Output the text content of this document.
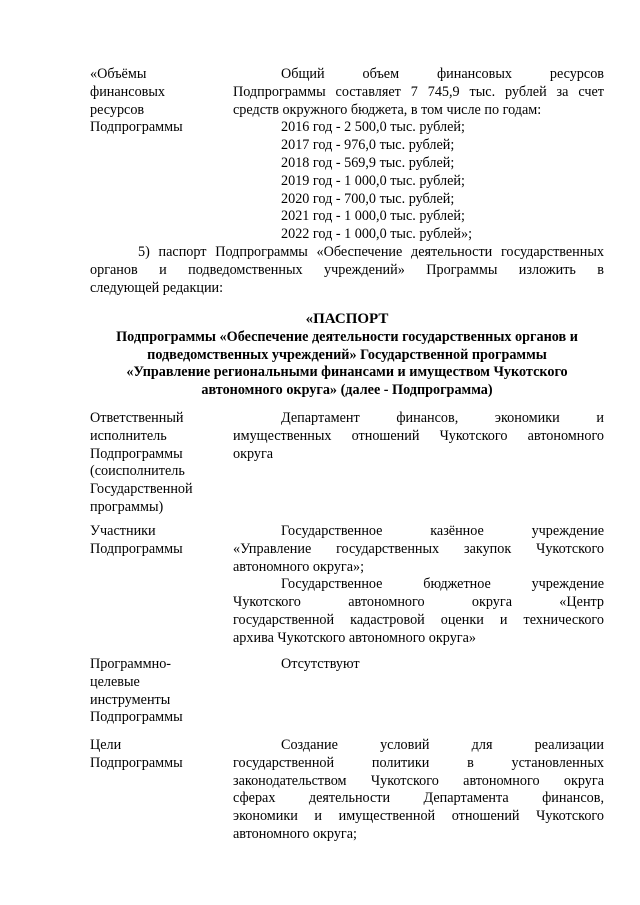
«Объёмы
финансовых
ресурсов
Подпрограммы
Общий объем финансовых ресурсов
Подпрограммы составляет 7 745,9 тыс. рублей за счет
средств окружного бюджета, в том числе по годам:
2016 год - 2 500,0 тыс. рублей;
2017 год - 976,0 тыс. рублей;
2018 год - 569,9 тыс. рублей;
2019 год - 1 000,0 тыс. рублей;
2020 год - 700,0 тыс. рублей;
2021 год - 1 000,0 тыс. рублей;
2022 год - 1 000,0 тыс. рублей»;
5) паспорт Подпрограммы «Обеспечение деятельности государственных
органов и подведомственных учреждений» Программы изложить в
следующей редакции:
«ПАСПОРТ
Подпрограммы «Обеспечение деятельности государственных органов и
подведомственных учреждений» Государственной программы
«Управление региональными финансами и имуществом Чукотского
автономного округа» (далее - Подпрограмма)
Ответственный
исполнитель
Подпрограммы
(соисполнитель
Государственной
программы)
Департамент финансов, экономики и
имущественных отношений Чукотского автономного
округа
Участники
Подпрограммы
Государственное казённое учреждение
«Управление государственных закупок Чукотского
автономного округа»;
Государственное бюджетное учреждение
Чукотского автономного округа «Центр
государственной кадастровой оценки и технического
архива Чукотского автономного округа»
Программно-
целевые
инструменты
Подпрограммы
Отсутствуют
Цели
Подпрограммы
Создание условий для реализации
государственной политики в установленных
законодательством Чукотского автономного округа
сферах деятельности Департамента финансов,
экономики и имущественной отношений Чукотского
автономного округа;
